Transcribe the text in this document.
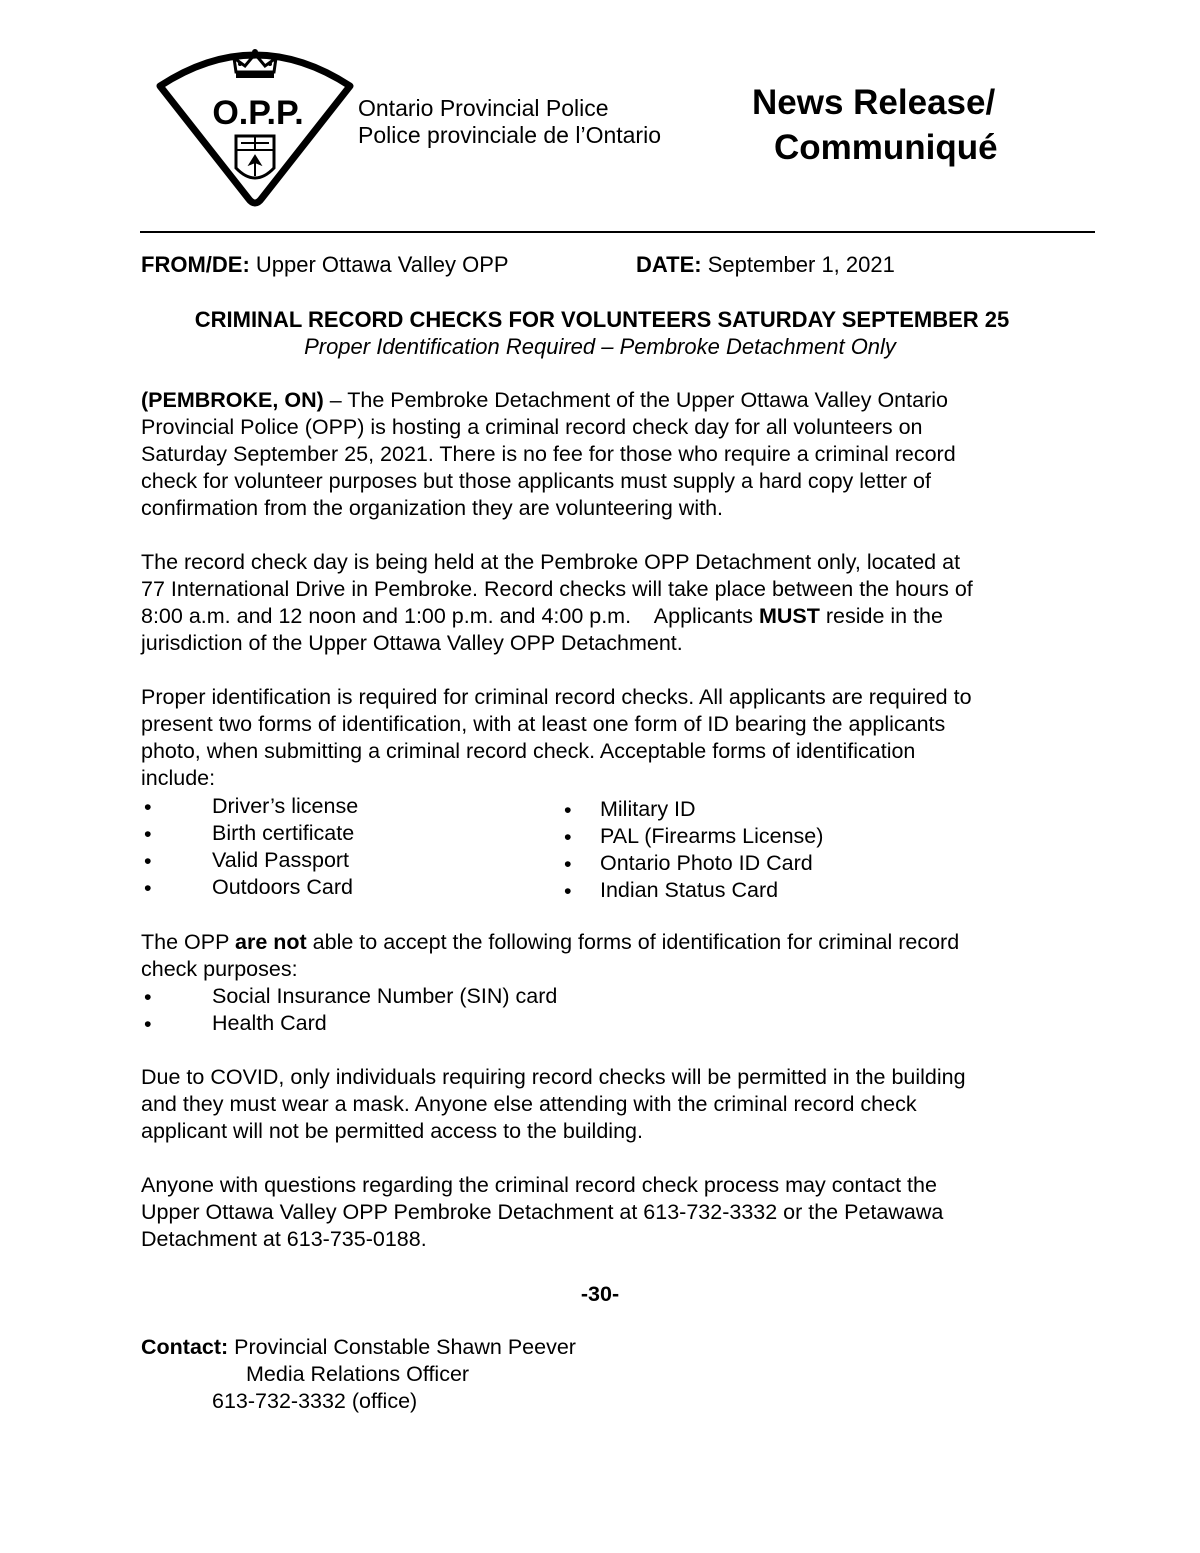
O.P.P.	Ontario Provincial Police
Police provinciale de l’Ontario
News Release/
Communiqué
FROM/DE: Upper Ottawa Valley OPP	DATE: September 1, 2021
CRIMINAL RECORD CHECKS FOR VOLUNTEERS SATURDAY SEPTEMBER 25
Proper Identification Required – Pembroke Detachment Only
(PEMBROKE, ON) – The Pembroke Detachment of the Upper Ottawa Valley Ontario
Provincial Police (OPP) is hosting a criminal record check day for all volunteers on
Saturday September 25, 2021. There is no fee for those who require a criminal record
check for volunteer purposes but those applicants must supply a hard copy letter of
confirmation from the organization they are volunteering with.
The record check day is being held at the Pembroke OPP Detachment only, located at
77 International Drive in Pembroke. Record checks will take place between the hours of
8:00 a.m. and 12 noon and 1:00 p.m. and 4:00 p.m.    Applicants MUST reside in the
jurisdiction of the Upper Ottawa Valley OPP Detachment.
Proper identification is required for criminal record checks. All applicants are required to
present two forms of identification, with at least one form of ID bearing the applicants
photo, when submitting a criminal record check. Acceptable forms of identification
include:
•	Driver’s license
•	Birth certificate
•	Valid Passport
•	Outdoors Card
• Military ID
• PAL (Firearms License)
• Ontario Photo ID Card
• Indian Status Card
The OPP are not able to accept the following forms of identification for criminal record
check purposes:
•	Social Insurance Number (SIN) card
•	Health Card
Due to COVID, only individuals requiring record checks will be permitted in the building
and they must wear a mask. Anyone else attending with the criminal record check
applicant will not be permitted access to the building.
Anyone with questions regarding the criminal record check process may contact the
Upper Ottawa Valley OPP Pembroke Detachment at 613-732-3332 or the Petawawa
Detachment at 613-735-0188.
-30-
Contact: Provincial Constable Shawn Peever
Media Relations Officer
613-732-3332 (office)
